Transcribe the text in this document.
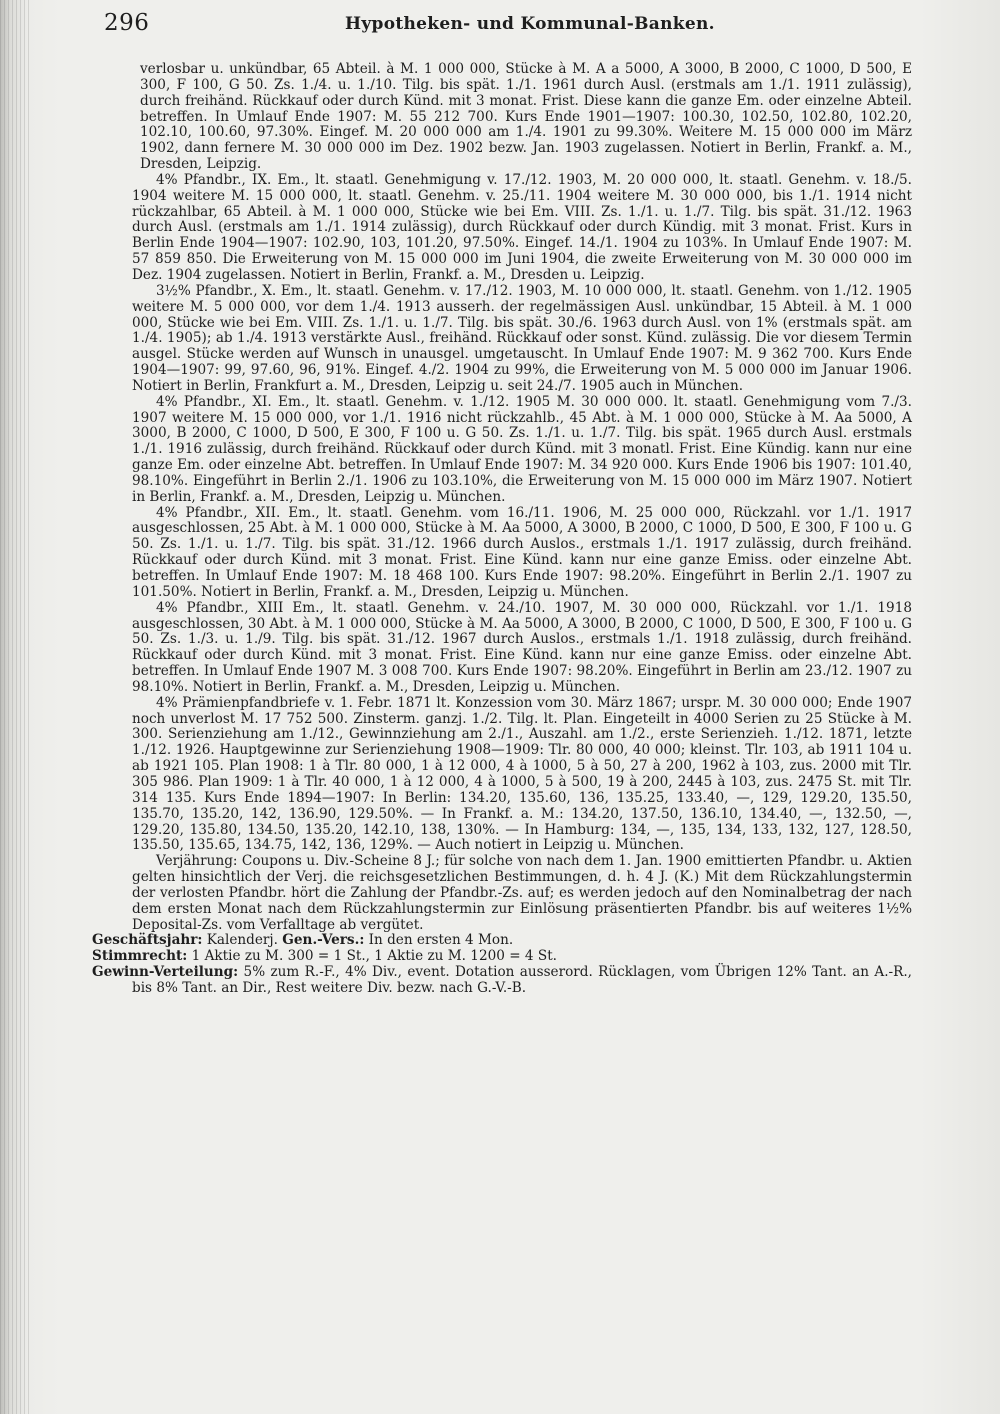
296	Hypotheken- und Kommunal-Banken.

verlosbar u. unkündbar, 65 Abteil. à M. 1 000 000, Stücke à M. A a 5000, A 3000, B 2000, C 1000, D 500, E 300, F 100, G 50. Zs. 1./4. u. 1./10. Tilg. bis spät. 1./1. 1961 durch Ausl. (erstmals am 1./1. 1911 zulässig), durch freihänd. Rückkauf oder durch Künd. mit 3 monat. Frist. Diese kann die ganze Em. oder einzelne Abteil. betreffen. In Umlauf Ende 1907: M. 55 212 700. Kurs Ende 1901—1907: 100.30, 102.50, 102.80, 102.20, 102.10, 100.60, 97.30%. Eingef. M. 20 000 000 am 1./4. 1901 zu 99.30%. Weitere M. 15 000 000 im März 1902, dann fernere M. 30 000 000 im Dez. 1902 bezw. Jan. 1903 zugelassen. Notiert in Berlin, Frankf. a. M., Dresden, Leipzig.

4% Pfandbr., IX. Em., lt. staatl. Genehmigung v. 17./12. 1903, M. 20 000 000, lt. staatl. Genehm. v. 18./5. 1904 weitere M. 15 000 000, lt. staatl. Genehm. v. 25./11. 1904 weitere M. 30 000 000, bis 1./1. 1914 nicht rückzahlbar, 65 Abteil. à M. 1 000 000, Stücke wie bei Em. VIII. Zs. 1./1. u. 1./7. Tilg. bis spät. 31./12. 1963 durch Ausl. (erstmals am 1./1. 1914 zulässig), durch Rückkauf oder durch Kündig. mit 3 monat. Frist. Kurs in Berlin Ende 1904—1907: 102.90, 103, 101.20, 97.50%. Eingef. 14./1. 1904 zu 103%. In Umlauf Ende 1907: M. 57 859 850. Die Erweiterung von M. 15 000 000 im Juni 1904, die zweite Erweiterung von M. 30 000 000 im Dez. 1904 zugelassen. Notiert in Berlin, Frankf. a. M., Dresden u. Leipzig.

3½% Pfandbr., X. Em., lt. staatl. Genehm. v. 17./12. 1903, M. 10 000 000, lt. staatl. Genehm. von 1./12. 1905 weitere M. 5 000 000, vor dem 1./4. 1913 ausserh. der regelmässigen Ausl. unkündbar, 15 Abteil. à M. 1 000 000, Stücke wie bei Em. VIII. Zs. 1./1. u. 1./7. Tilg. bis spät. 30./6. 1963 durch Ausl. von 1% (erstmals spät. am 1./4. 1905); ab 1./4. 1913 verstärkte Ausl., freihänd. Rückkauf oder sonst. Künd. zulässig. Die vor diesem Termin ausgel. Stücke werden auf Wunsch in unausgel. umgetauscht. In Umlauf Ende 1907: M. 9 362 700. Kurs Ende 1904—1907: 99, 97.60, 96, 91%. Eingef. 4./2. 1904 zu 99%, die Erweiterung von M. 5 000 000 im Januar 1906. Notiert in Berlin, Frankfurt a. M., Dresden, Leipzig u. seit 24./7. 1905 auch in München.

4% Pfandbr., XI. Em., lt. staatl. Genehm. v. 1./12. 1905 M. 30 000 000. lt. staatl. Genehmigung vom 7./3. 1907 weitere M. 15 000 000, vor 1./1. 1916 nicht rückzahlb., 45 Abt. à M. 1 000 000, Stücke à M. Aa 5000, A 3000, B 2000, C 1000, D 500, E 300, F 100 u. G 50. Zs. 1./1. u. 1./7. Tilg. bis spät. 1965 durch Ausl. erstmals 1./1. 1916 zulässig, durch freihänd. Rückkauf oder durch Künd. mit 3 monatl. Frist. Eine Kündig. kann nur eine ganze Em. oder einzelne Abt. betreffen. In Umlauf Ende 1907: M. 34 920 000. Kurs Ende 1906 bis 1907: 101.40, 98.10%. Eingeführt in Berlin 2./1. 1906 zu 103.10%, die Erweiterung von M. 15 000 000 im März 1907. Notiert in Berlin, Frankf. a. M., Dresden, Leipzig u. München.

4% Pfandbr., XII. Em., lt. staatl. Genehm. vom 16./11. 1906, M. 25 000 000, Rückzahl. vor 1./1. 1917 ausgeschlossen, 25 Abt. à M. 1 000 000, Stücke à M. Aa 5000, A 3000, B 2000, C 1000, D 500, E 300, F 100 u. G 50. Zs. 1./1. u. 1./7. Tilg. bis spät. 31./12. 1966 durch Auslos., erstmals 1./1. 1917 zulässig, durch freihänd. Rückkauf oder durch Künd. mit 3 monat. Frist. Eine Künd. kann nur eine ganze Emiss. oder einzelne Abt. betreffen. In Umlauf Ende 1907: M. 18 468 100. Kurs Ende 1907: 98.20%. Eingeführt in Berlin 2./1. 1907 zu 101.50%. Notiert in Berlin, Frankf. a. M., Dresden, Leipzig u. München.

4% Pfandbr., XIII Em., lt. staatl. Genehm. v. 24./10. 1907, M. 30 000 000, Rückzahl. vor 1./1. 1918 ausgeschlossen, 30 Abt. à M. 1 000 000, Stücke à M. Aa 5000, A 3000, B 2000, C 1000, D 500, E 300, F 100 u. G 50. Zs. 1./3. u. 1./9. Tilg. bis spät. 31./12. 1967 durch Auslos., erstmals 1./1. 1918 zulässig, durch freihänd. Rückkauf oder durch Künd. mit 3 monat. Frist. Eine Künd. kann nur eine ganze Emiss. oder einzelne Abt. betreffen. In Umlauf Ende 1907 M. 3 008 700. Kurs Ende 1907: 98.20%. Eingeführt in Berlin am 23./12. 1907 zu 98.10%. Notiert in Berlin, Frankf. a. M., Dresden, Leipzig u. München.

4% Prämienpfandbriefe v. 1. Febr. 1871 lt. Konzession vom 30. März 1867; urspr. M. 30 000 000; Ende 1907 noch unverlost M. 17 752 500. Zinsterm. ganzj. 1./2. Tilg. lt. Plan. Eingeteilt in 4000 Serien zu 25 Stücke à M. 300. Serienziehung am 1./12., Gewinnziehung am 2./1., Auszahl. am 1./2., erste Serienzieh. 1./12. 1871, letzte 1./12. 1926. Hauptgewinne zur Serienziehung 1908—1909: Tlr. 80 000, 40 000; kleinst. Tlr. 103, ab 1911 104 u. ab 1921 105. Plan 1908: 1 à Tlr. 80 000, 1 à 12 000, 4 à 1000, 5 à 50, 27 à 200, 1962 à 103, zus. 2000 mit Tlr. 305 986. Plan 1909: 1 à Tlr. 40 000, 1 à 12 000, 4 à 1000, 5 à 500, 19 à 200, 2445 à 103, zus. 2475 St. mit Tlr. 314 135. Kurs Ende 1894—1907: In Berlin: 134.20, 135.60, 136, 135.25, 133.40, —, 129, 129.20, 135.50, 135.70, 135.20, 142, 136.90, 129.50%. — In Frankf. a. M.: 134.20, 137.50, 136.10, 134.40, —, 132.50, —, 129.20, 135.80, 134.50, 135.20, 142.10, 138, 130%. — In Hamburg: 134, —, 135, 134, 133, 132, 127, 128.50, 135.50, 135.65, 134.75, 142, 136, 129%. — Auch notiert in Leipzig u. München.

Verjährung: Coupons u. Div.-Scheine 8 J.; für solche von nach dem 1. Jan. 1900 emittierten Pfandbr. u. Aktien gelten hinsichtlich der Verj. die reichsgesetzlichen Bestimmungen, d. h. 4 J. (K.) Mit dem Rückzahlungstermin der verlosten Pfandbr. hört die Zahlung der Pfandbr.-Zs. auf; es werden jedoch auf den Nominalbetrag der nach dem ersten Monat nach dem Rückzahlungstermin zur Einlösung präsentierten Pfandbr. bis auf weiteres 1½% Deposital-Zs. vom Verfalltage ab vergütet.

Geschäftsjahr: Kalenderj. Gen.-Vers.: In den ersten 4 Mon.

Stimmrecht: 1 Aktie zu M. 300 = 1 St., 1 Aktie zu M. 1200 = 4 St.

Gewinn-Verteilung: 5% zum R.-F., 4% Div., event. Dotation ausserord. Rücklagen, vom Übrigen 12% Tant. an A.-R., bis 8% Tant. an Dir., Rest weitere Div. bezw. nach G.-V.-B.
